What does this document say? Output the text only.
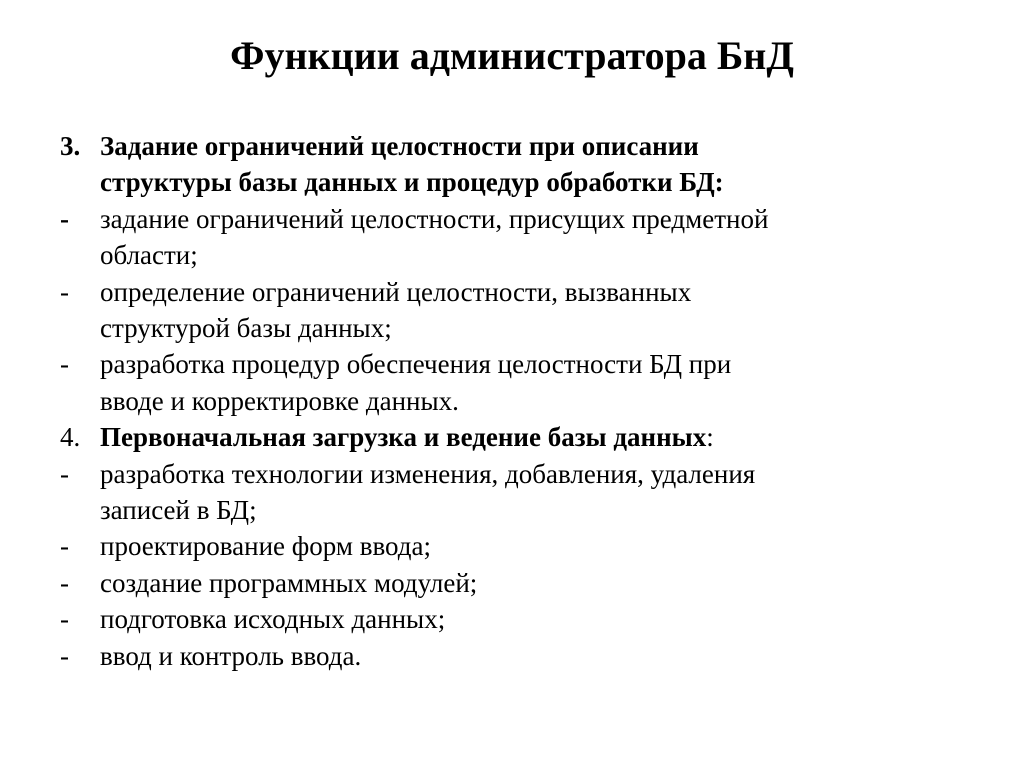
Функции администратора БнД
3. Задание ограничений целостности при описании
структуры базы данных и процедур обработки БД:
-	задание ограничений целостности, присущих предметной
области;
-	определение ограничений целостности, вызванных
структурой базы данных;
-	разработка процедур обеспечения целостности БД при
вводе и корректировке данных.
4. Первоначальная загрузка и ведение базы данных:
-	разработка технологии изменения, добавления, удаления
записей в БД;
-	проектирование форм ввода;
-	создание программных модулей;
-	подготовка исходных данных;
-	ввод и контроль ввода.
